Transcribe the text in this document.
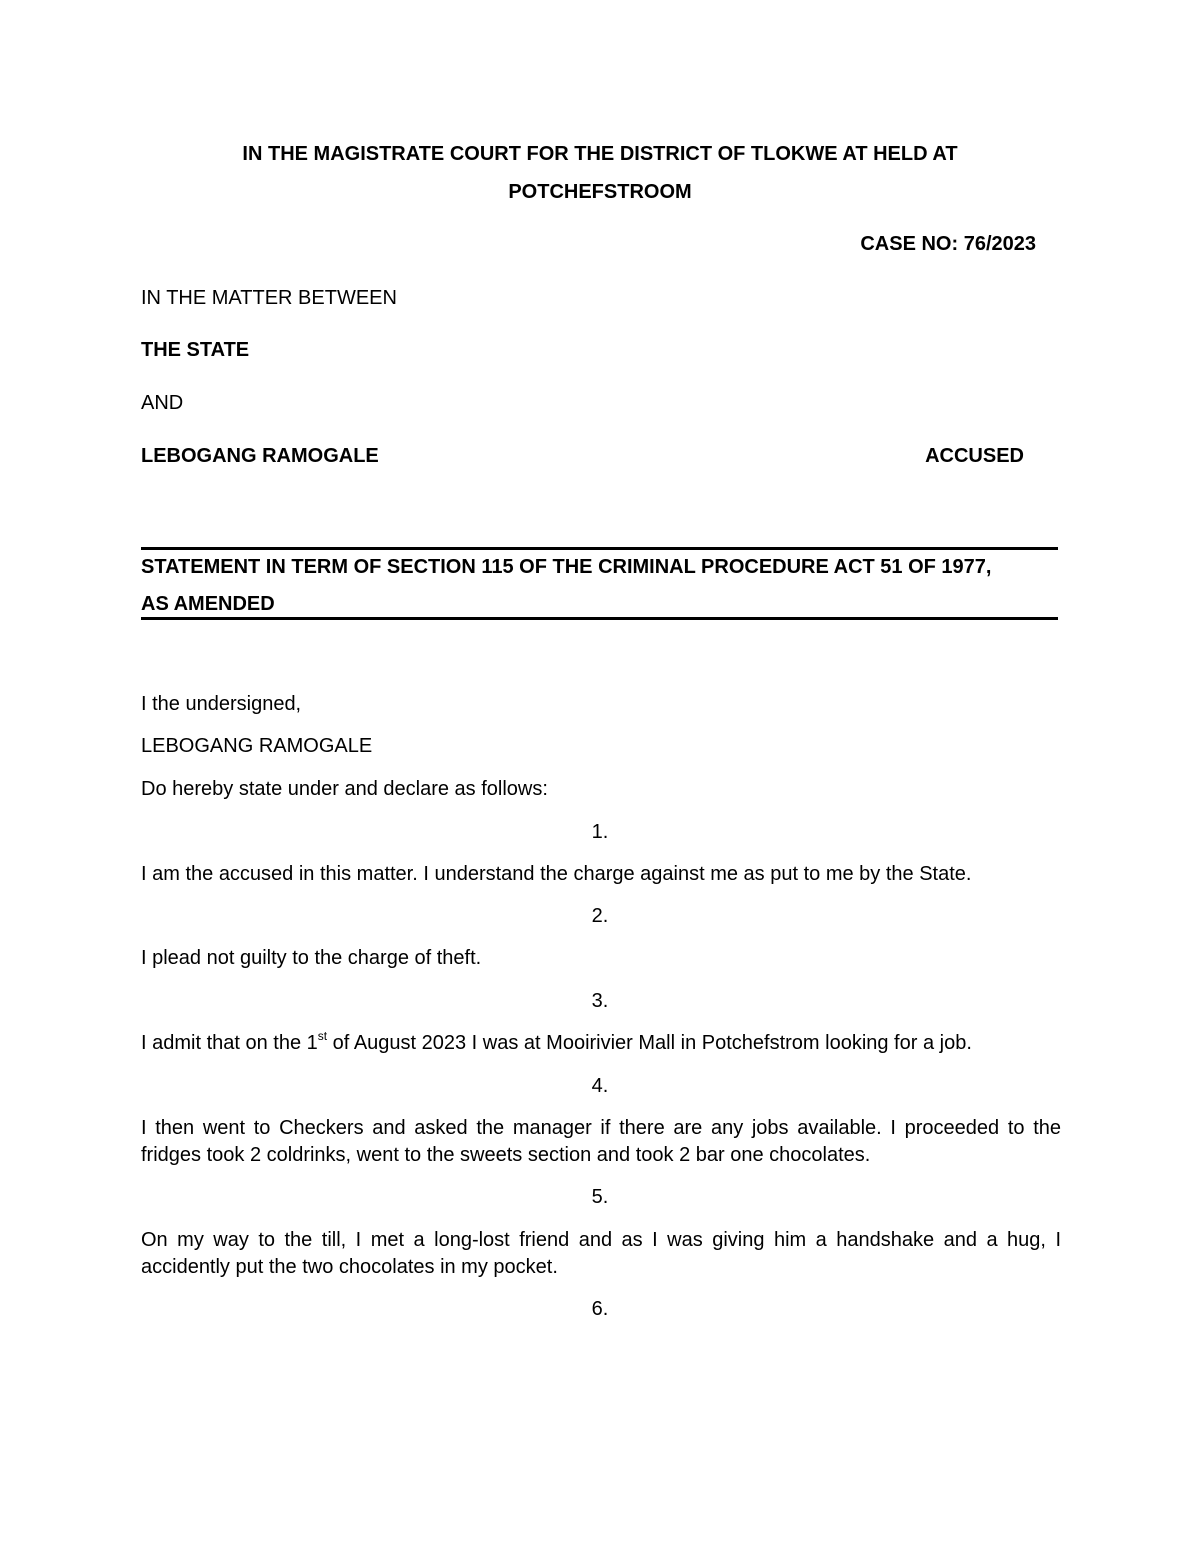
IN THE MAGISTRATE COURT FOR THE DISTRICT OF TLOKWE AT HELD AT
POTCHEFSTROOM
CASE NO: 76/2023
IN THE MATTER BETWEEN
THE STATE
AND
LEBOGANG RAMOGALE	ACCUSED
STATEMENT IN TERM OF SECTION 115 OF THE CRIMINAL PROCEDURE ACT 51 OF 1977,
AS AMENDED
I the undersigned,
LEBOGANG RAMOGALE
Do hereby state under and declare as follows:
1.
I am the accused in this matter. I understand the charge against me as put to me by the State.
2.
I plead not guilty to the charge of theft.
3.
I admit that on the 1st of August 2023 I was at Mooirivier Mall in Potchefstrom looking for a job.
4.
I then went to Checkers and asked the manager if there are any jobs available. I proceeded to the fridges took 2 coldrinks, went to the sweets section and took 2 bar one chocolates.
5.
On my way to the till, I met a long-lost friend and as I was giving him a handshake and a hug, I accidently put the two chocolates in my pocket.
6.
